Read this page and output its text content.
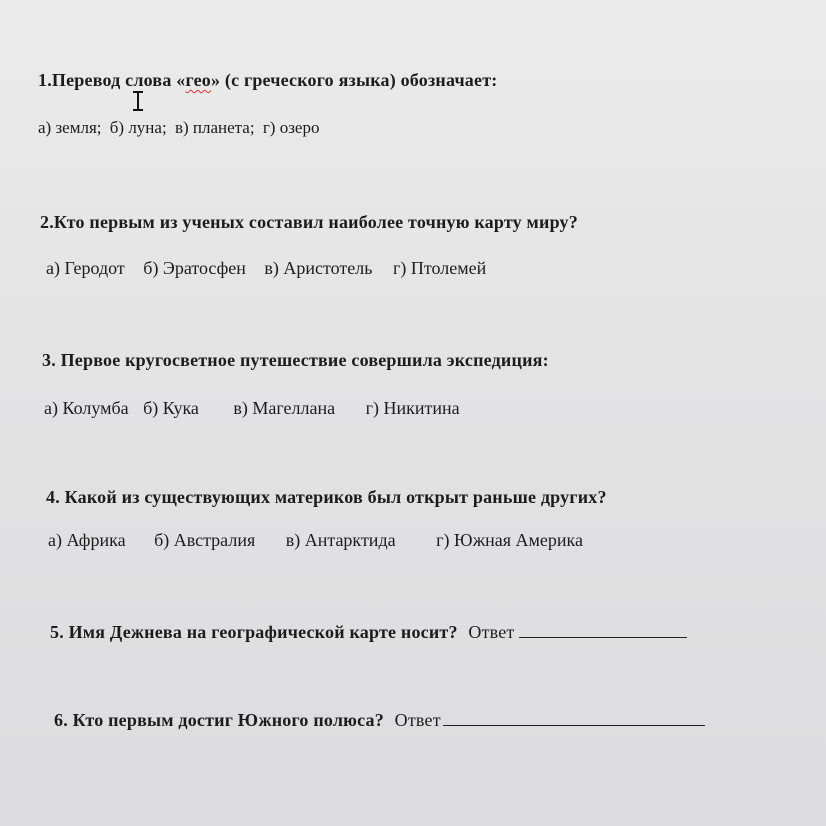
1.Перевод слова «гео» (с греческого языка) обозначает:
а) земля; б) луна; в) планета; г) озеро
2.Кто первым из ученых составил наиболее точную карту миру?
а) Геродот б) Эратосфен в) Аристотель г) Птолемей
3. Первое кругосветное путешествие совершила экспедиция:
а) Колумба б) Кука в) Магеллана г) Никитина
4. Какой из существующих материков был открыт раньше других?
а) Африка б) Австралия в) Антарктида г) Южная Америка
5. Имя Дежнева на географической карте носит? Ответ
6. Кто первым достиг Южного полюса? Ответ
